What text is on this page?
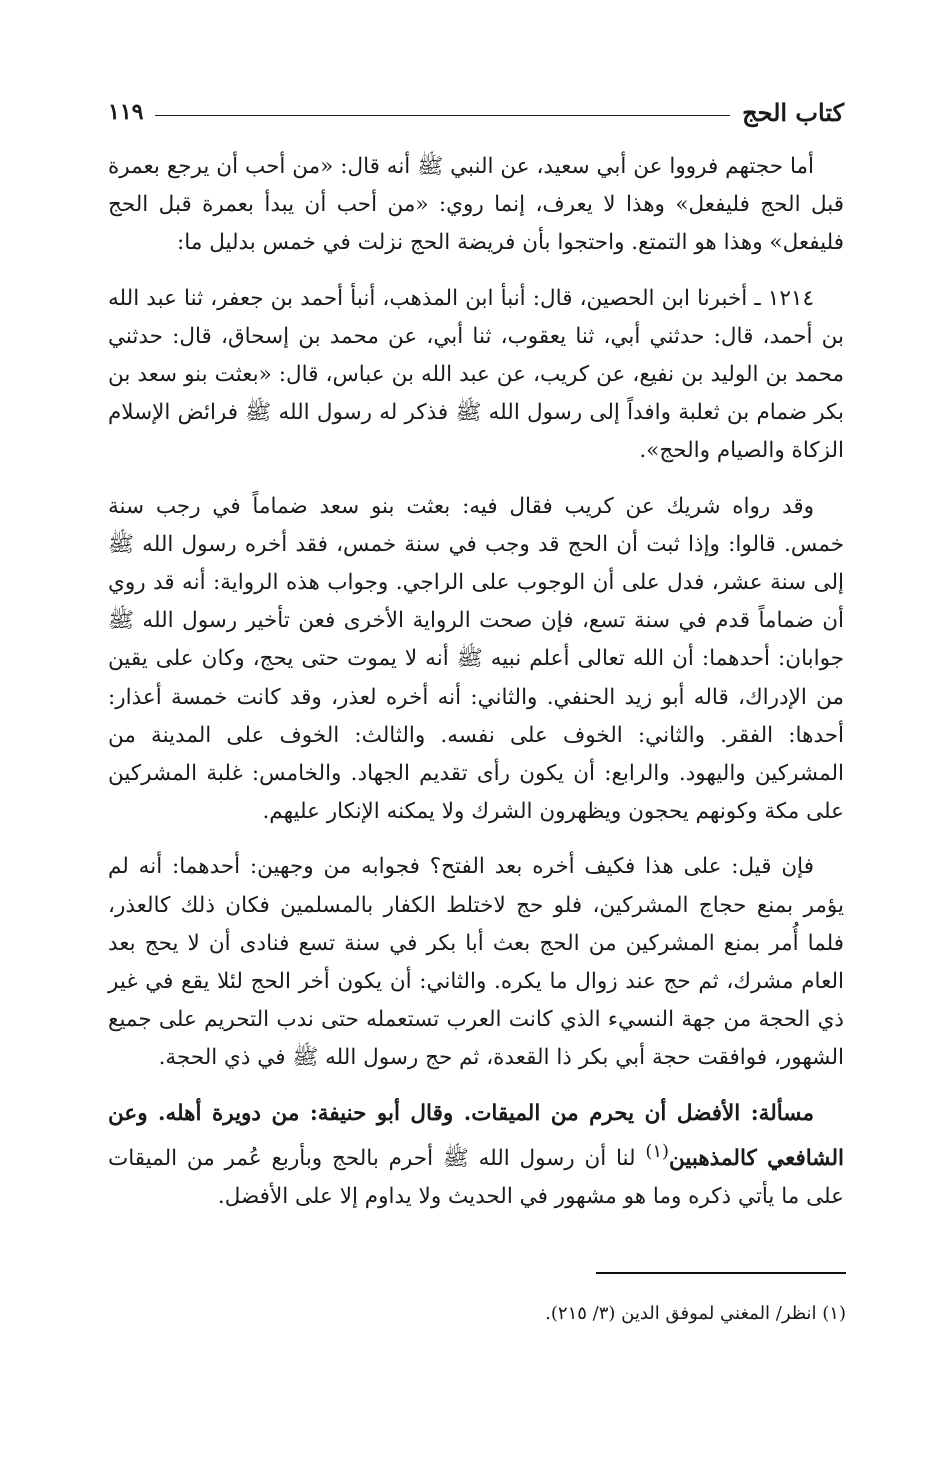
كتاب الحج
١١٩

أما حجتهم فرووا عن أبي سعيد، عن النبي ﷺ أنه قال: «من أحب أن يرجع بعمرة قبل الحج فليفعل» وهذا لا يعرف، إنما روي: «من أحب أن يبدأ بعمرة قبل الحج فليفعل» وهذا هو التمتع. واحتجوا بأن فريضة الحج نزلت في خمس بدليل ما:

١٢١٤ ـ أخبرنا ابن الحصين، قال: أنبأ ابن المذهب، أنبأ أحمد بن جعفر، ثنا عبد الله بن أحمد، قال: حدثني أبي، ثنا يعقوب، ثنا أبي، عن محمد بن إسحاق، قال: حدثني محمد بن الوليد بن نفيع، عن كريب، عن عبد الله بن عباس، قال: «بعثت بنو سعد بن بكر ضمام بن ثعلبة وافداً إلى رسول الله ﷺ فذكر له رسول الله ﷺ فرائض الإسلام الزكاة والصيام والحج».

وقد رواه شريك عن كريب فقال فيه: بعثت بنو سعد ضماماً في رجب سنة خمس. قالوا: وإذا ثبت أن الحج قد وجب في سنة خمس، فقد أخره رسول الله ﷺ إلى سنة عشر، فدل على أن الوجوب على الراجي. وجواب هذه الرواية: أنه قد روي أن ضماماً قدم في سنة تسع، فإن صحت الرواية الأخرى فعن تأخير رسول الله ﷺ جوابان: أحدهما: أن الله تعالى أعلم نبيه ﷺ أنه لا يموت حتى يحج، وكان على يقين من الإدراك، قاله أبو زيد الحنفي. والثاني: أنه أخره لعذر، وقد كانت خمسة أعذار: أحدها: الفقر. والثاني: الخوف على نفسه. والثالث: الخوف على المدينة من المشركين واليهود. والرابع: أن يكون رأى تقديم الجهاد. والخامس: غلبة المشركين على مكة وكونهم يحجون ويظهرون الشرك ولا يمكنه الإنكار عليهم.

فإن قيل: على هذا فكيف أخره بعد الفتح؟ فجوابه من وجهين: أحدهما: أنه لم يؤمر بمنع حجاج المشركين، فلو حج لاختلط الكفار بالمسلمين فكان ذلك كالعذر، فلما أُمر بمنع المشركين من الحج بعث أبا بكر في سنة تسع فنادى أن لا يحج بعد العام مشرك، ثم حج عند زوال ما يكره. والثاني: أن يكون أخر الحج لئلا يقع في غير ذي الحجة من جهة النسيء الذي كانت العرب تستعمله حتى ندب التحريم على جميع الشهور، فوافقت حجة أبي بكر ذا القعدة، ثم حج رسول الله ﷺ في ذي الحجة.

مسألة: الأفضل أن يحرم من الميقات. وقال أبو حنيفة: من دويرة أهله. وعن الشافعي كالمذهبين$^{(١)}$ لنا أن رسول الله ﷺ أحرم بالحج وبأربع عُمر من الميقات على ما يأتي ذكره وما هو مشهور في الحديث ولا يداوم إلا على الأفضل.

(١) انظر/ المغني لموفق الدين (٣/ ٢١٥).
